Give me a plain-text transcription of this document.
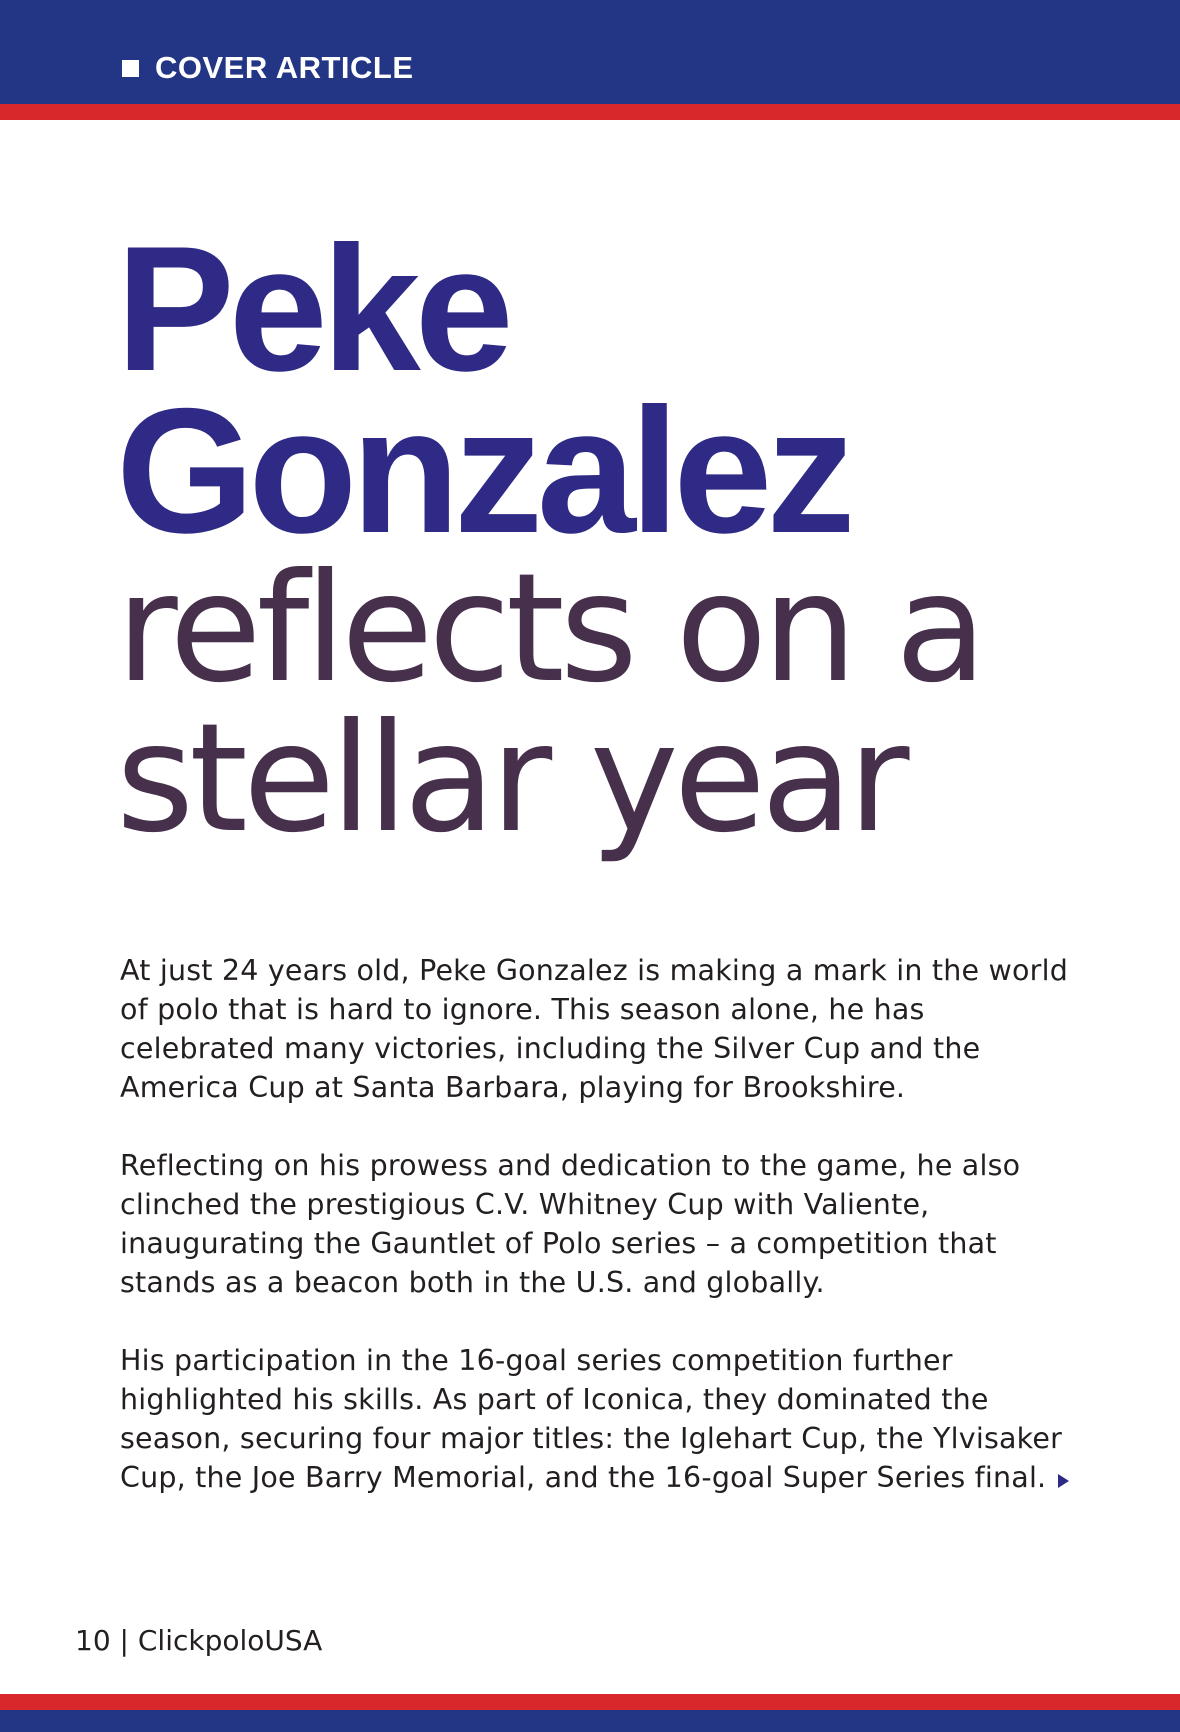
COVER ARTICLE
Peke
Gonzalez
reflects on a
stellar year

At just 24 years old, Peke Gonzalez is making a mark in the world of polo that is hard to ignore. This season alone, he has celebrated many victories, including the Silver Cup and the America Cup at Santa Barbara, playing for Brookshire.

Reflecting on his prowess and dedication to the game, he also clinched the prestigious C.V. Whitney Cup with Valiente, inaugurating the Gauntlet of Polo series – a competition that stands as a beacon both in the U.S. and globally.

His participation in the 16-goal series competition further highlighted his skills. As part of Iconica, they dominated the season, securing four major titles: the Iglehart Cup, the Ylvisaker Cup, the Joe Barry Memorial, and the 16-goal Super Series final.

10 | ClickpoloUSA
